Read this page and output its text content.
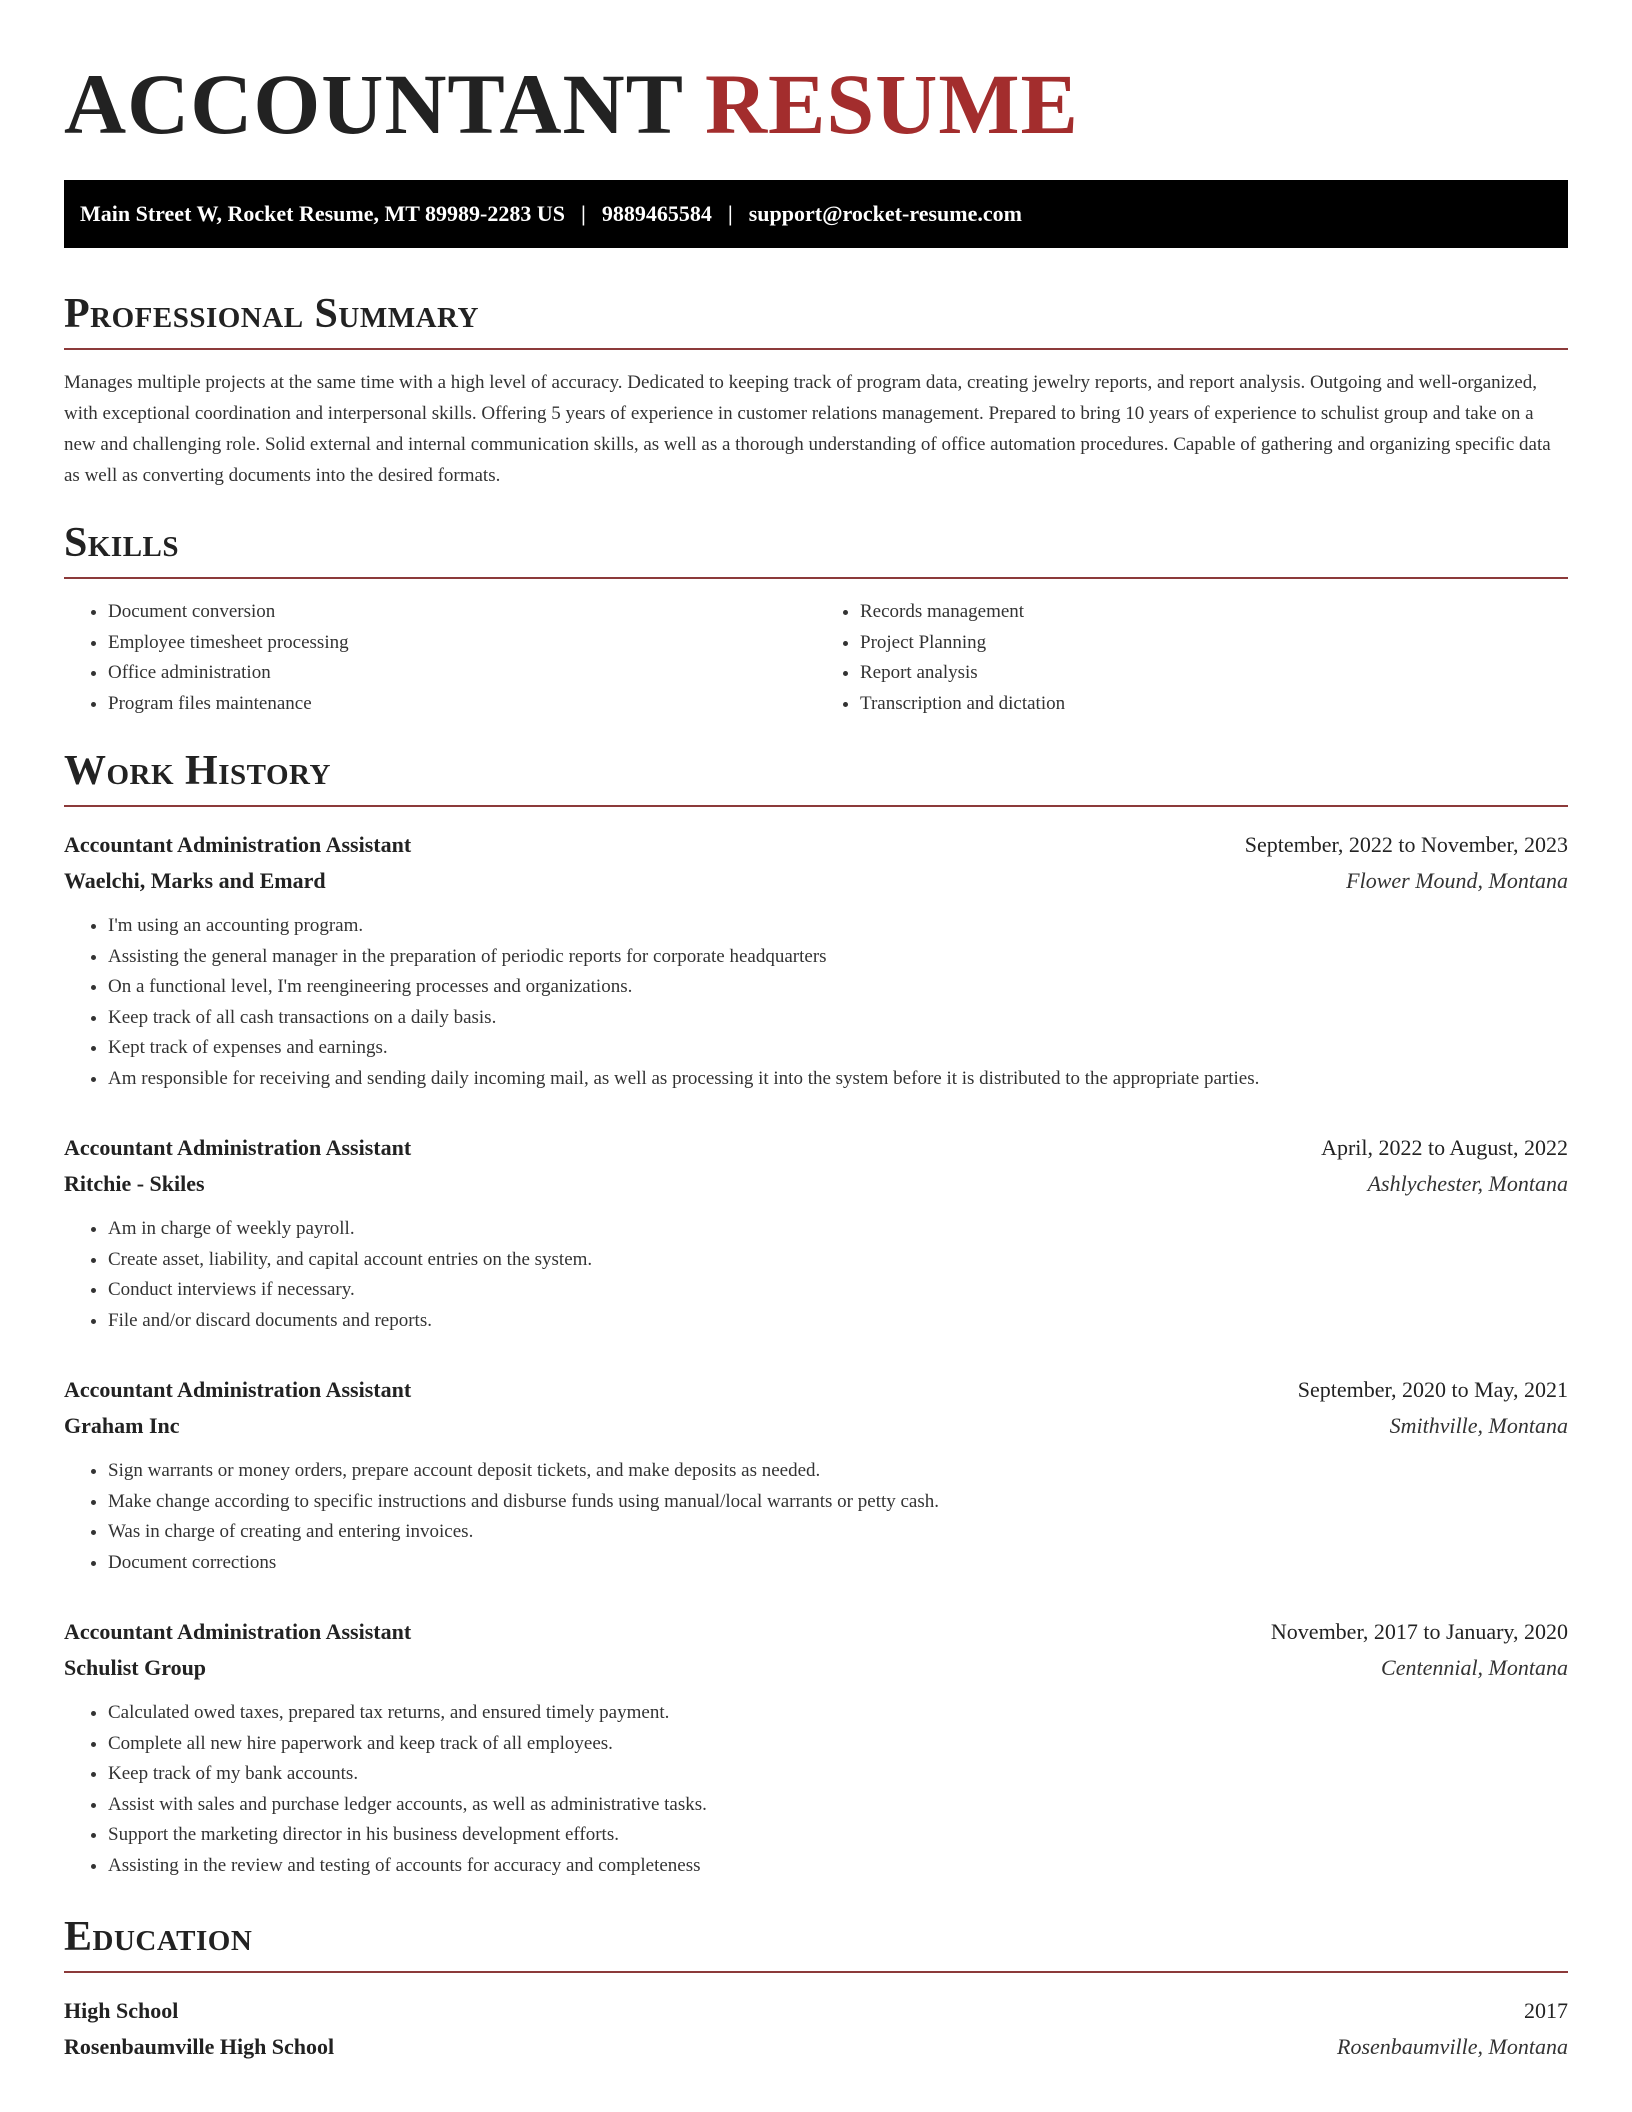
ACCOUNTANT RESUME
Main Street W, Rocket Resume, MT 89989-2283 US | 9889465584 | support@rocket-resume.com
Professional Summary

Manages multiple projects at the same time with a high level of accuracy. Dedicated to keeping track of program data, creating jewelry reports, and report analysis. Outgoing and well-organized, with exceptional coordination and interpersonal skills. Offering 5 years of experience in customer relations management. Prepared to bring 10 years of experience to schulist group and take on a new and challenging role. Solid external and internal communication skills, as well as a thorough understanding of office automation procedures. Capable of gathering and organizing specific data as well as converting documents into the desired formats.

Skills
• Document conversion
• Employee timesheet processing
• Office administration
• Program files maintenance
• Records management
• Project Planning
• Report analysis
• Transcription and dictation
Work History
Accountant Administration Assistant	September, 2022 to November, 2023
Waelchi, Marks and Emard	Flower Mound, Montana
• I'm using an accounting program.
• Assisting the general manager in the preparation of periodic reports for corporate headquarters
• On a functional level, I'm reengineering processes and organizations.
• Keep track of all cash transactions on a daily basis.
• Kept track of expenses and earnings.
• Am responsible for receiving and sending daily incoming mail, as well as processing it into the system before it is distributed to the appropriate parties.
Accountant Administration Assistant	April, 2022 to August, 2022
Ritchie - Skiles	Ashlychester, Montana
• Am in charge of weekly payroll.
• Create asset, liability, and capital account entries on the system.
• Conduct interviews if necessary.
• File and/or discard documents and reports.
Accountant Administration Assistant	September, 2020 to May, 2021
Graham Inc	Smithville, Montana
• Sign warrants or money orders, prepare account deposit tickets, and make deposits as needed.
• Make change according to specific instructions and disburse funds using manual/local warrants or petty cash.
• Was in charge of creating and entering invoices.
• Document corrections
Accountant Administration Assistant	November, 2017 to January, 2020
Schulist Group	Centennial, Montana
• Calculated owed taxes, prepared tax returns, and ensured timely payment.
• Complete all new hire paperwork and keep track of all employees.
• Keep track of my bank accounts.
• Assist with sales and purchase ledger accounts, as well as administrative tasks.
• Support the marketing director in his business development efforts.
• Assisting in the review and testing of accounts for accuracy and completeness
Education
High School	2017
Rosenbaumville High School	Rosenbaumville, Montana
